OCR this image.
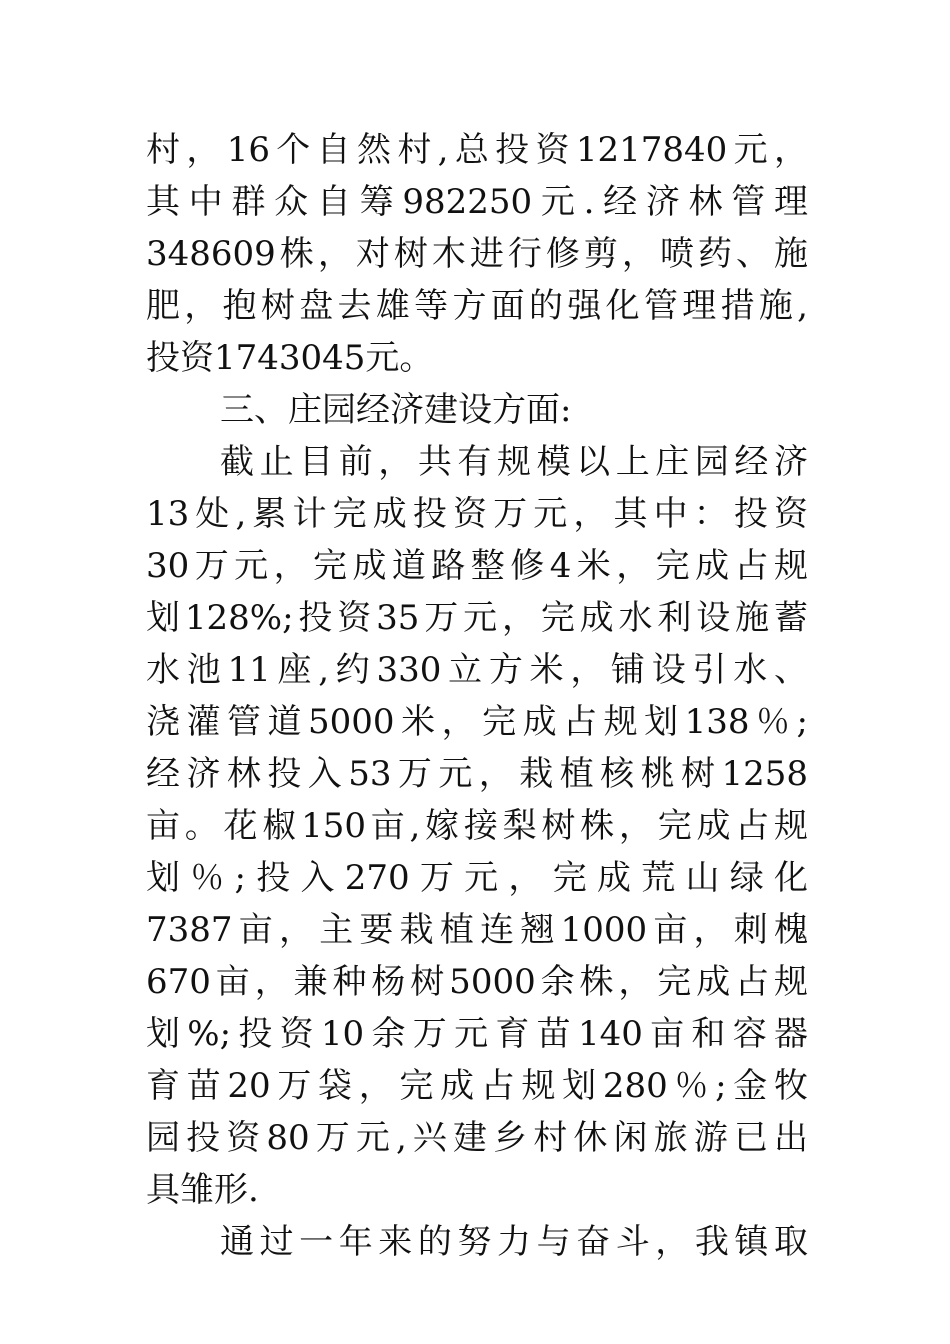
村，16个自然村,总投资1217840元，
其中群众自筹982250元.经济林管理
348609株，对树木进行修剪，喷药、施
肥，抱树盘去雄等方面的强化管理措施,
投资1743045元。
三、庄园经济建设方面:
截止目前，共有规模以上庄园经济
13处,累计完成投资万元，其中：投资
30万元，完成道路整修4米，完成占规
划128%;投资35万元，完成水利设施蓄
水池11座,约330立方米，铺设引水、
浇灌管道5000米，完成占规划138％;
经济林投入53万元，栽植核桃树1258
亩。花椒150亩,嫁接梨树株，完成占规
划％;投入270万元，完成荒山绿化
7387亩，主要栽植连翘1000亩，刺槐
670亩，兼种杨树5000余株，完成占规
划%;投资10余万元育苗140亩和容器
育苗20万袋，完成占规划280％;金牧
园投资80万元,兴建乡村休闲旅游已出
具雏形.
通过一年来的努力与奋斗，我镇取
